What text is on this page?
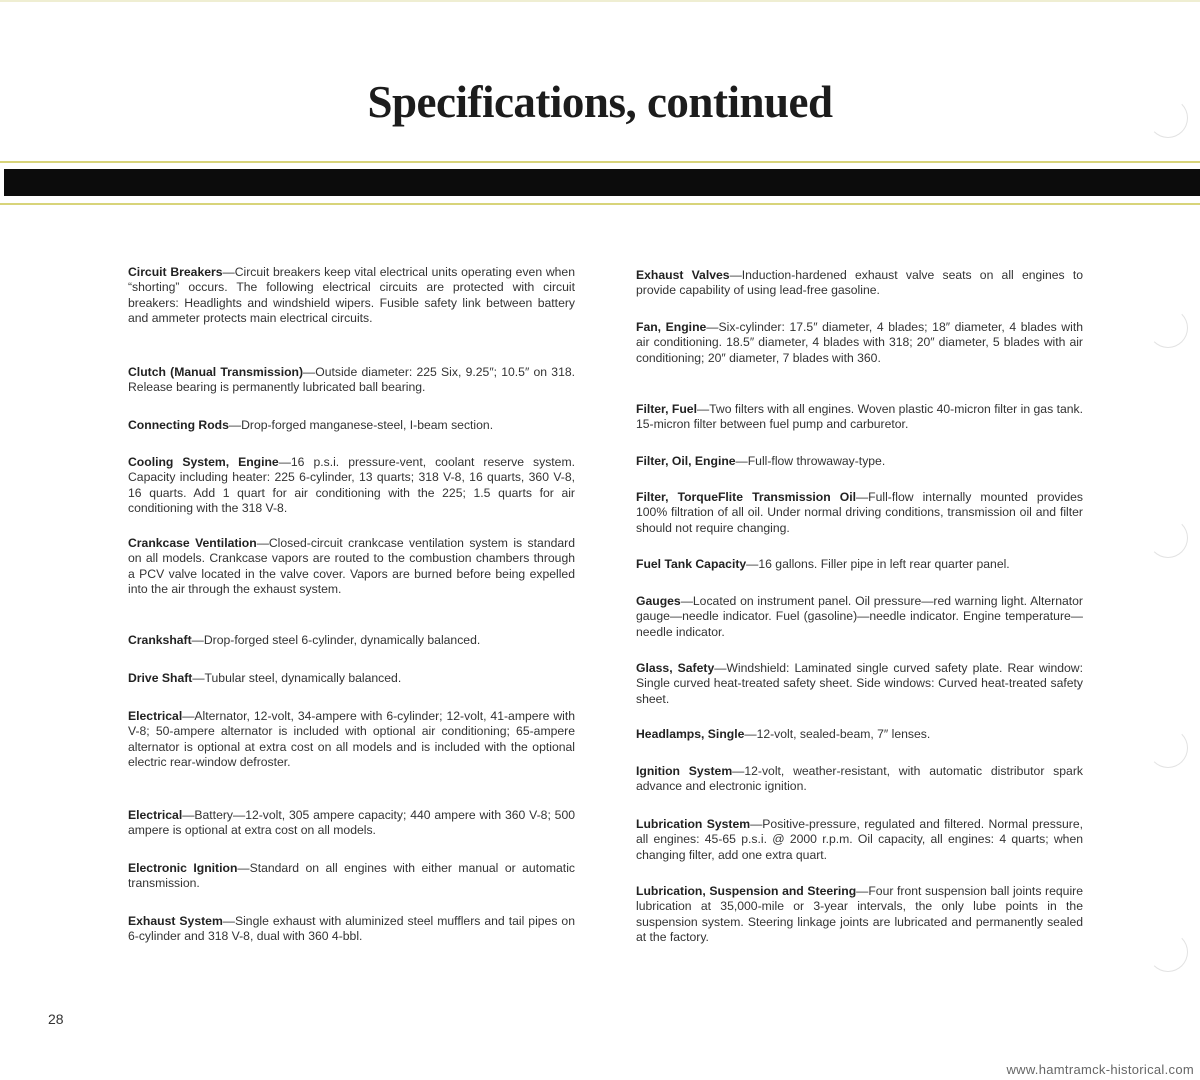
Specifications, continued

Circuit Breakers—Circuit breakers keep vital electrical units operating even when “shorting” occurs. The following electrical circuits are protected with circuit breakers: Headlights and windshield wipers. Fusible safety link between battery and ammeter protects main electrical circuits.

Clutch (Manual Transmission)—Outside diameter: 225 Six, 9.25″; 10.5″ on 318. Release bearing is permanently lubricated ball bearing.

Connecting Rods—Drop-forged manganese-steel, I-beam section.

Cooling System, Engine—16 p.s.i. pressure-vent, coolant reserve system. Capacity including heater: 225 6-cylinder, 13 quarts; 318 V-8, 16 quarts, 360 V-8, 16 quarts. Add 1 quart for air conditioning with the 225; 1.5 quarts for air conditioning with the 318 V-8.

Crankcase Ventilation—Closed-circuit crankcase ventilation system is standard on all models. Crankcase vapors are routed to the combustion chambers through a PCV valve located in the valve cover. Vapors are burned before being expelled into the air through the exhaust system.

Crankshaft—Drop-forged steel 6-cylinder, dynamically balanced.

Drive Shaft—Tubular steel, dynamically balanced.

Electrical—Alternator, 12-volt, 34-ampere with 6-cylinder; 12-volt, 41-ampere with V-8; 50-ampere alternator is included with optional air conditioning; 65-ampere alternator is optional at extra cost on all models and is included with the optional electric rear-window defroster.

Electrical—Battery—12-volt, 305 ampere capacity; 440 ampere with 360 V-8; 500 ampere is optional at extra cost on all models.

Electronic Ignition—Standard on all engines with either manual or automatic transmission.

Exhaust System—Single exhaust with aluminized steel mufflers and tail pipes on 6-cylinder and 318 V-8, dual with 360 4-bbl.

Exhaust Valves—Induction-hardened exhaust valve seats on all engines to provide capability of using lead-free gasoline.

Fan, Engine—Six-cylinder: 17.5″ diameter, 4 blades; 18″ diameter, 4 blades with air conditioning. 18.5″ diameter, 4 blades with 318; 20″ diameter, 5 blades with air conditioning; 20″ diameter, 7 blades with 360.

Filter, Fuel—Two filters with all engines. Woven plastic 40-micron filter in gas tank. 15-micron filter between fuel pump and carburetor.

Filter, Oil, Engine—Full-flow throwaway-type.

Filter, TorqueFlite Transmission Oil—Full-flow internally mounted provides 100% filtration of all oil. Under normal driving conditions, transmission oil and filter should not require changing.

Fuel Tank Capacity—16 gallons. Filler pipe in left rear quarter panel.

Gauges—Located on instrument panel. Oil pressure—red warning light. Alternator gauge—needle indicator. Fuel (gasoline)—needle indicator. Engine temperature—needle indicator.

Glass, Safety—Windshield: Laminated single curved safety plate. Rear window: Single curved heat-treated safety sheet. Side windows: Curved heat-treated safety sheet.

Headlamps, Single—12-volt, sealed-beam, 7″ lenses.

Ignition System—12-volt, weather-resistant, with automatic distributor spark advance and electronic ignition.

Lubrication System—Positive-pressure, regulated and filtered. Normal pressure, all engines: 45-65 p.s.i. @ 2000 r.p.m. Oil capacity, all engines: 4 quarts; when changing filter, add one extra quart.

Lubrication, Suspension and Steering—Four front suspension ball joints require lubrication at 35,000-mile or 3-year intervals, the only lube points in the suspension system. Steering linkage joints are lubricated and permanently sealed at the factory.

28
www.hamtramck-historical.com
